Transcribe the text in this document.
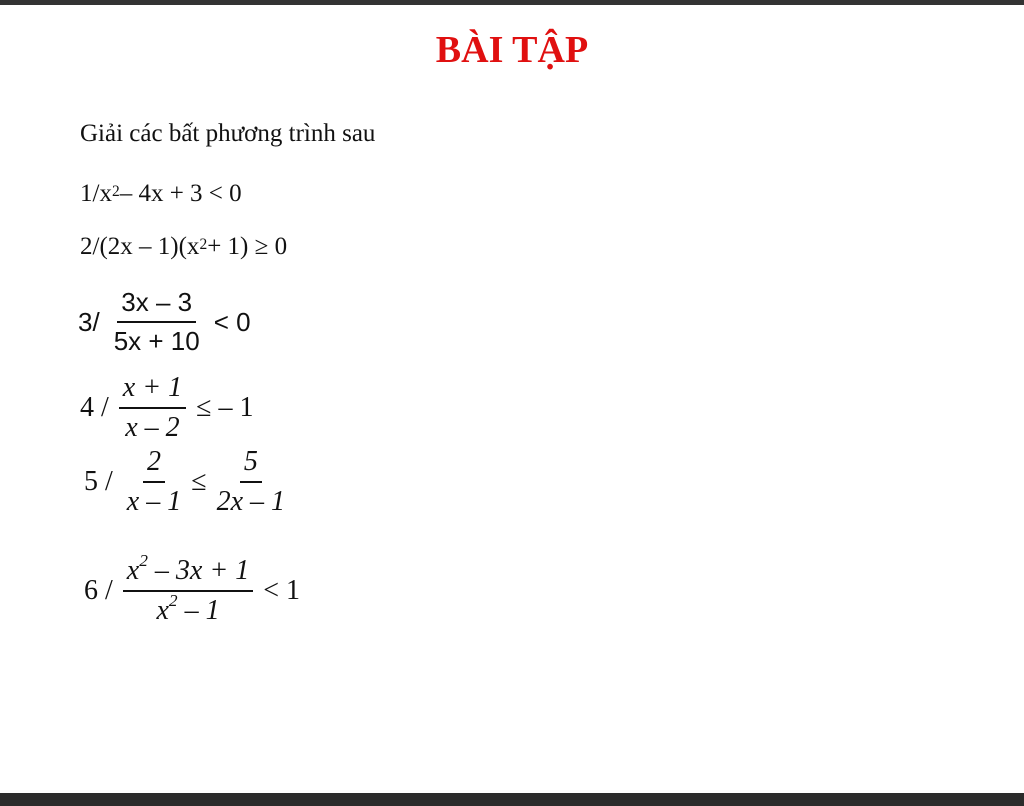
BÀI TẬP
Giải các bất phương trình sau
1/ $x^2 - 4x + 3 < 0$
2/ $(2x - 1)(x^2 + 1) \ge 0$
$3/ \frac{3x - 3}{5x + 10} < 0$
$4 / \frac{x + 1}{x - 2}$ ≤ – 1
$5 / \frac{2}{x - 1} \le \frac{5}{2x - 1}$
$6 / \frac{x^2 - 3x + 1}{x^2 - 1} < 1$
